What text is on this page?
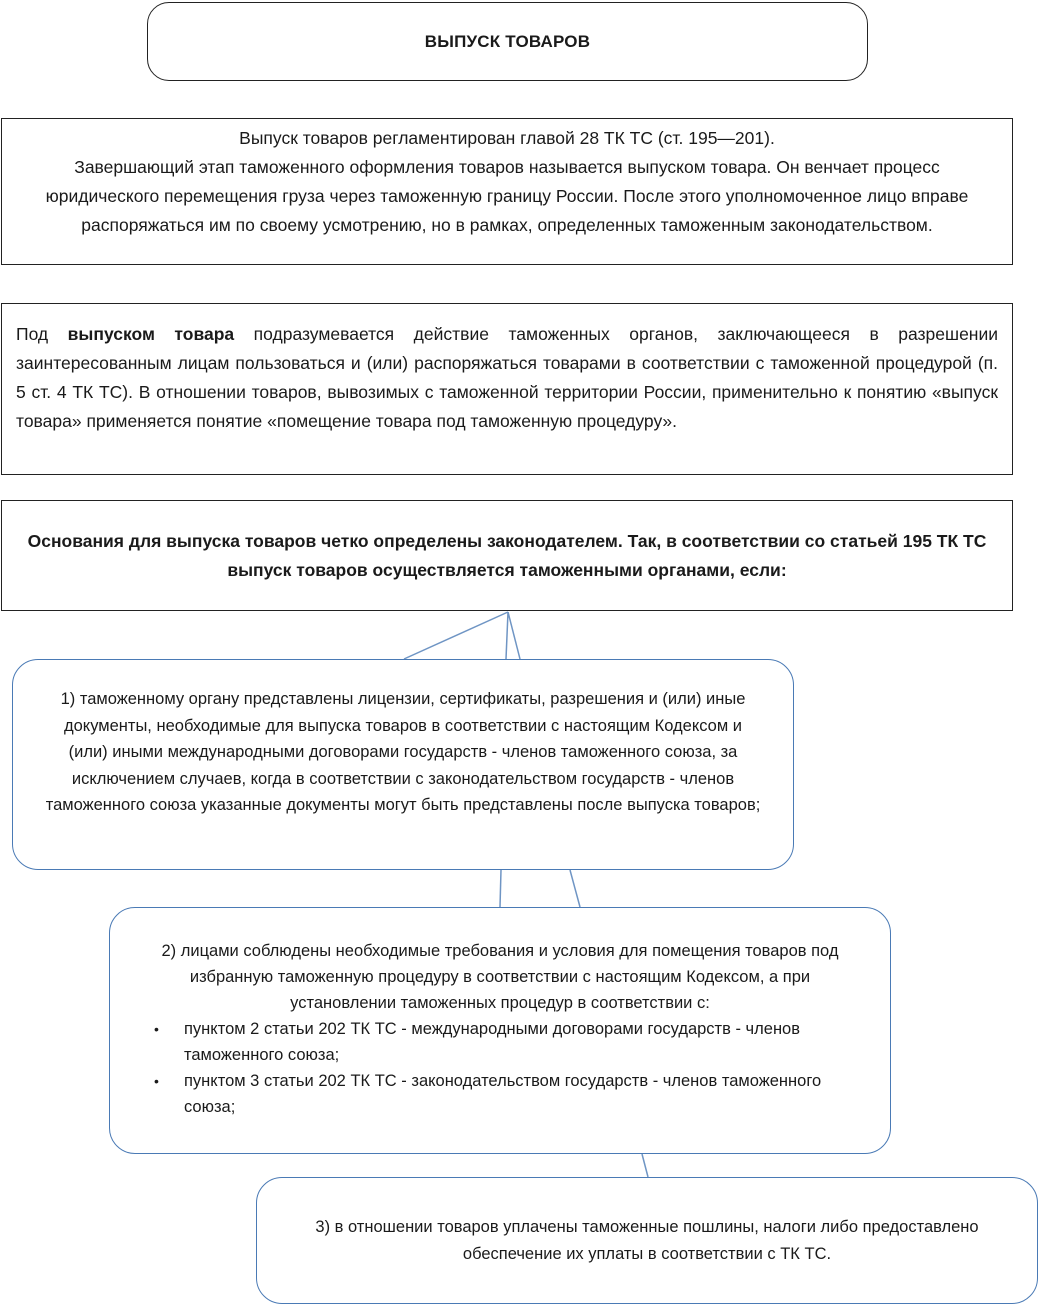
ВЫПУСК ТОВАРОВ
Выпуск товаров регламентирован главой 28 ТК ТС (ст. 195—201).
Завершающий этап таможенного оформления товаров называется выпуском товара. Он венчает процесс юридического перемещения груза через таможенную границу России. После этого уполномоченное лицо вправе распоряжаться им по своему усмотрению, но в рамках, определенных таможенным законодательством.
Под выпуском товара подразумевается действие таможенных органов, заключающееся в разрешении заинтересованным лицам пользоваться и (или) распоряжаться товарами в соответствии с таможенной процедурой (п. 5 ст. 4 ТК ТС). В отношении товаров, вывозимых с таможенной территории России, применительно к понятию «выпуск товара» применяется понятие «помещение товара под таможенную процедуру».
Основания для выпуска товаров четко определены законодателем. Так, в соответствии со статьей 195 ТК ТС выпуск товаров осуществляется таможенными органами, если:
1) таможенному органу представлены лицензии, сертификаты, разрешения и (или) иные документы, необходимые для выпуска товаров в соответствии с настоящим Кодексом и (или) иными международными договорами государств - членов таможенного союза, за исключением случаев, когда в соответствии с законодательством государств - членов таможенного союза указанные документы могут быть представлены после выпуска товаров;
2) лицами соблюдены необходимые требования и условия для помещения товаров под избранную таможенную процедуру в соответствии с настоящим Кодексом, а при установлении таможенных процедур в соответствии с:
• пунктом 2 статьи 202 ТК ТС - международными договорами государств - членов таможенного союза;
• пунктом 3 статьи 202 ТК ТС - законодательством государств - членов таможенного союза;
3) в отношении товаров уплачены таможенные пошлины, налоги либо предоставлено обеспечение их уплаты в соответствии с ТК ТС.
